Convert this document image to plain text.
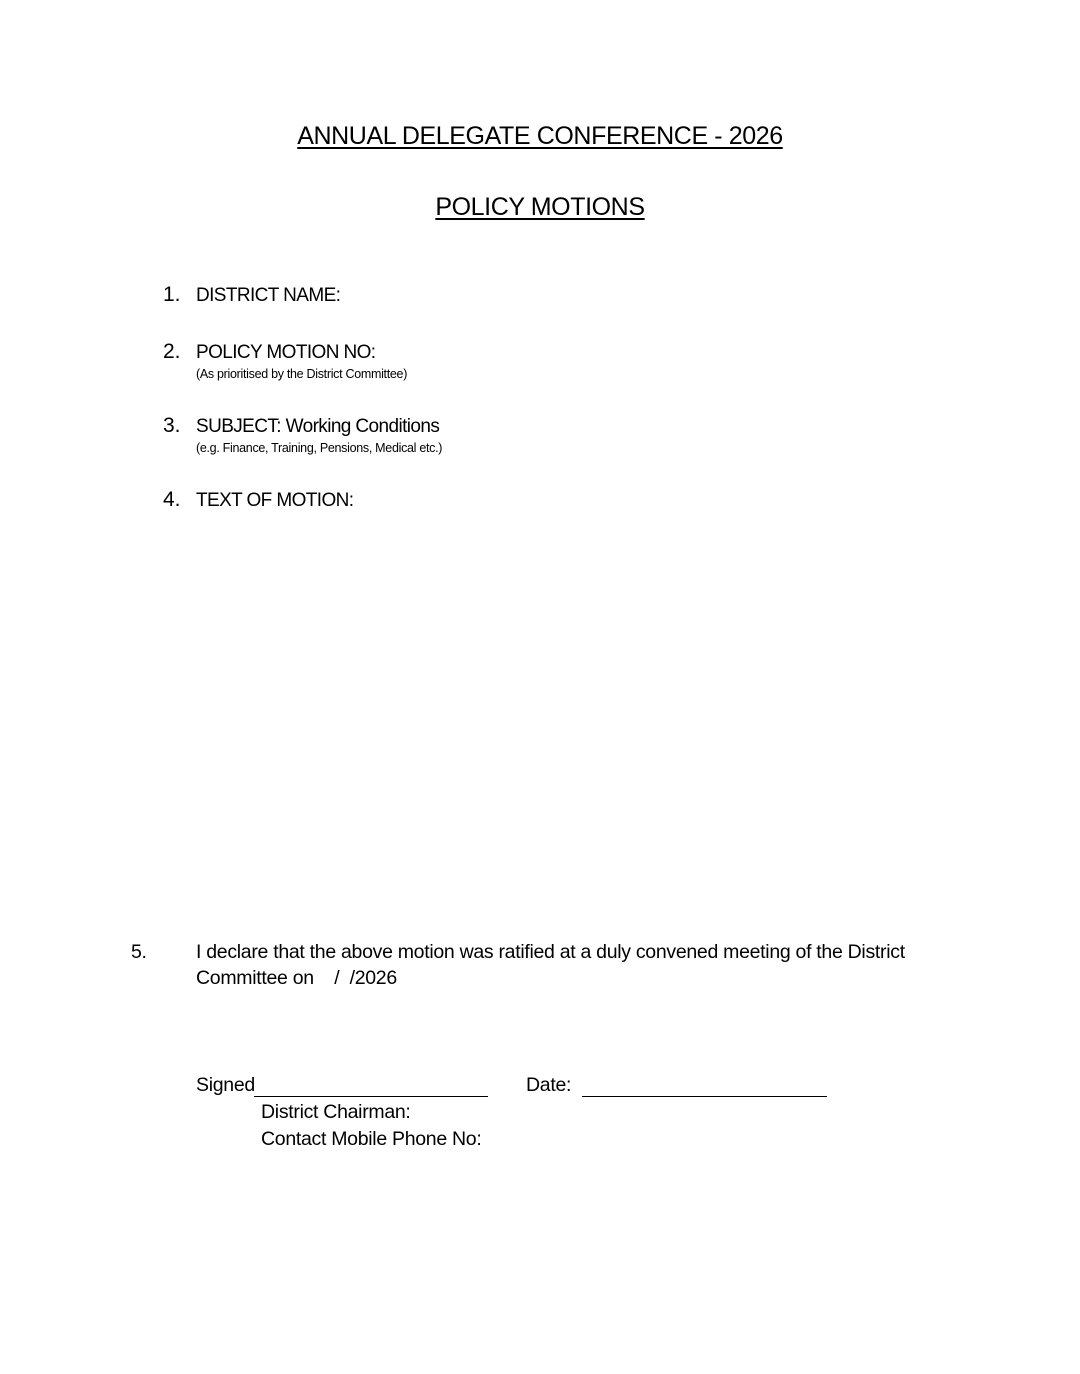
ANNUAL DELEGATE CONFERENCE - 2026
POLICY MOTIONS
1. DISTRICT NAME:
2. POLICY MOTION NO:
(As prioritised by the District Committee)
3. SUBJECT: Working Conditions
(e.g. Finance, Training, Pensions, Medical etc.)
4. TEXT OF MOTION:
5.	I declare that the above motion was ratified at a duly convened meeting of the District
Committee on    /  /2026
Signed	Date:
District Chairman:
Contact Mobile Phone No:
